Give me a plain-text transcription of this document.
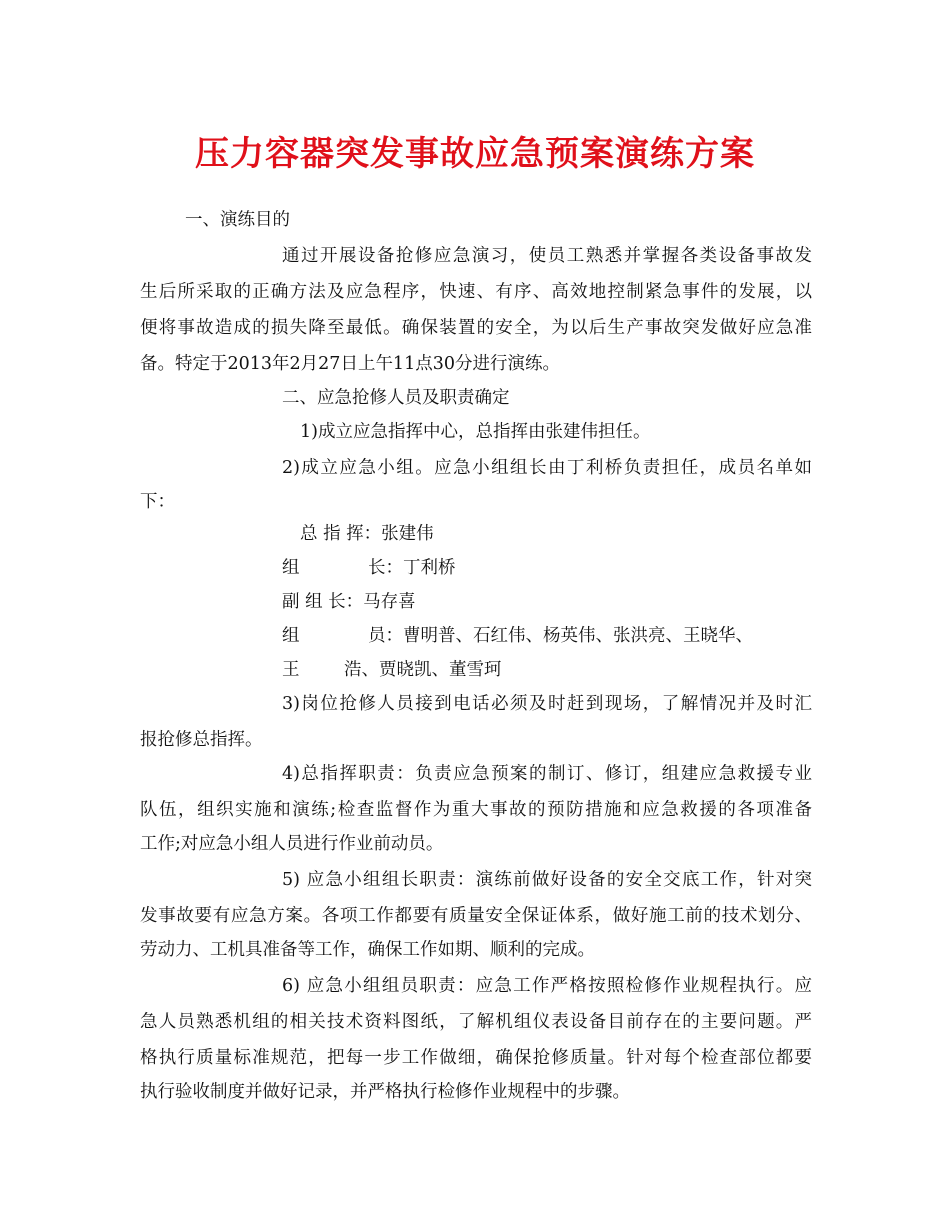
压力容器突发事故应急预案演练方案

一、演练目的

通过开展设备抢修应急演习，使员工熟悉并掌握各类设备事故发

生后所采取的正确方法及应急程序，快速、有序、高效地控制紧急事件的发展，以

便将事故造成的损失降至最低。确保装置的安全，为以后生产事故突发做好应急准

备。特定于2013年2月27日上午11点30分进行演练。

二、应急抢修人员及职责确定

1)成立应急指挥中心，总指挥由张建伟担任。

2)成立应急小组。应急小组组长由丁利桥负责担任，成员名单如

下：

总 指 挥：张建伟
组	长：丁利桥
副 组 长：马存喜
组	员：曹明普、石红伟、杨英伟、张洪亮、王晓华、
王	浩、贾晓凯、董雪珂

3)岗位抢修人员接到电话必须及时赶到现场，了解情况并及时汇

报抢修总指挥。

4)总指挥职责：负责应急预案的制订、修订，组建应急救援专业

队伍，组织实施和演练;检查监督作为重大事故的预防措施和应急救援的各项准备

工作;对应急小组人员进行作业前动员。

5) 应急小组组长职责：演练前做好设备的安全交底工作，针对突

发事故要有应急方案。各项工作都要有质量安全保证体系，做好施工前的技术划分、

劳动力、工机具准备等工作，确保工作如期、顺利的完成。

6) 应急小组组员职责：应急工作严格按照检修作业规程执行。应

急人员熟悉机组的相关技术资料图纸，了解机组仪表设备目前存在的主要问题。严

格执行质量标准规范，把每一步工作做细，确保抢修质量。针对每个检查部位都要

执行验收制度并做好记录，并严格执行检修作业规程中的步骤。
